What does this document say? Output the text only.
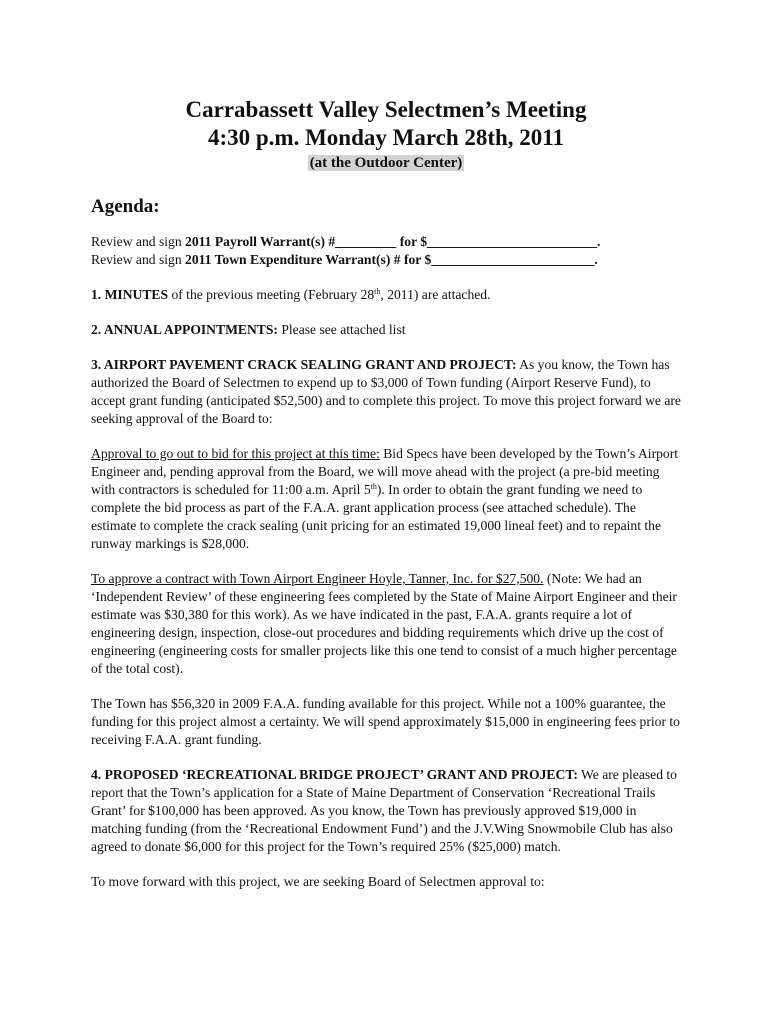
Carrabassett Valley Selectmen’s Meeting
4:30 p.m. Monday March 28th, 2011
(at the Outdoor Center)
Agenda:

Review and sign 2011 Payroll Warrant(s) #_________ for $_________________________.

Review and sign 2011 Town Expenditure Warrant(s) # for $________________________.

1. MINUTES of the previous meeting (February 28th, 2011) are attached.

2. ANNUAL APPOINTMENTS: Please see attached list

3. AIRPORT PAVEMENT CRACK SEALING GRANT AND PROJECT: As you know, the Town has authorized the Board of Selectmen to expend up to $3,000 of Town funding (Airport Reserve Fund), to accept grant funding (anticipated $52,500) and to complete this project. To move this project forward we are seeking approval of the Board to:

Approval to go out to bid for this project at this time: Bid Specs have been developed by the Town’s Airport Engineer and, pending approval from the Board, we will move ahead with the project (a pre-bid meeting with contractors is scheduled for 11:00 a.m. April 5th). In order to obtain the grant funding we need to complete the bid process as part of the F.A.A. grant application process (see attached schedule). The estimate to complete the crack sealing (unit pricing for an estimated 19,000 lineal feet) and to repaint the runway markings is $28,000.

To approve a contract with Town Airport Engineer Hoyle, Tanner, Inc. for $27,500. (Note: We had an ‘Independent Review’ of these engineering fees completed by the State of Maine Airport Engineer and their estimate was $30,380 for this work). As we have indicated in the past, F.A.A. grants require a lot of engineering design, inspection, close-out procedures and bidding requirements which drive up the cost of engineering (engineering costs for smaller projects like this one tend to consist of a much higher percentage of the total cost).

The Town has $56,320 in 2009 F.A.A. funding available for this project. While not a 100% guarantee, the funding for this project almost a certainty. We will spend approximately $15,000 in engineering fees prior to receiving F.A.A. grant funding.

4. PROPOSED ‘RECREATIONAL BRIDGE PROJECT’ GRANT AND PROJECT: We are pleased to report that the Town’s application for a State of Maine Department of Conservation ‘Recreational Trails Grant’ for $100,000 has been approved. As you know, the Town has previously approved $19,000 in matching funding (from the ‘Recreational Endowment Fund’) and the J.V.Wing Snowmobile Club has also agreed to donate $6,000 for this project for the Town’s required 25% ($25,000) match.

To move forward with this project, we are seeking Board of Selectmen approval to:
